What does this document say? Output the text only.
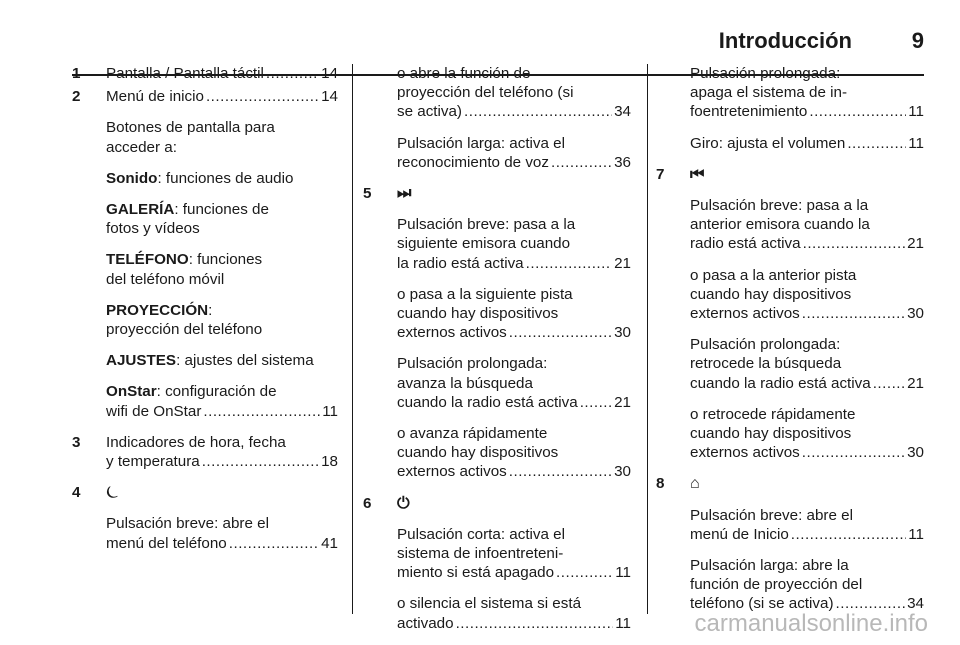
Introducción	9
1 Pantalla / Pantalla táctil .....	14
2 Menú de inicio .....	14
Botones de pantalla para
acceder a:
Sonido: funciones de audio
GALERÍA: funciones de
fotos y vídeos
TELÉFONO: funciones
del teléfono móvil
PROYECCIÓN:
proyección del teléfono
AJUSTES: ajustes del sistema
OnStar: configuración de
wifi de OnStar .....	11
3 Indicadores de hora, fecha
y temperatura .....	18
4 ⏾
Pulsación breve: abre el
menú del teléfono .....	41
o abre la función de
proyección del teléfono (si
se activa) .....	34
Pulsación larga: activa el
reconocimiento de voz .....	36
5 ⏭
Pulsación breve: pasa a la
siguiente emisora cuando
la radio está activa .....	21
o pasa a la siguiente pista
cuando hay dispositivos
externos activos .....	30
Pulsación prolongada:
avanza la búsqueda
cuando la radio está activa ..... 21
o avanza rápidamente
cuando hay dispositivos
externos activos .....	30
6 ⏻
Pulsación corta: activa el
sistema de infoentreteni‐
miento si está apagado .....	11
o silencia el sistema si está
activado .....	11
Pulsación prolongada:
apaga el sistema de in‐
foentretenimiento .....	11
Giro: ajusta el volumen .....	11
7 ⏮
Pulsación breve: pasa a la
anterior emisora cuando la
radio está activa .....	21
o pasa a la anterior pista
cuando hay dispositivos
externos activos .....	30
Pulsación prolongada:
retrocede la búsqueda
cuando la radio está activa ..... 21
o retrocede rápidamente
cuando hay dispositivos
externos activos .....	30
8 ⌂
Pulsación breve: abre el
menú de Inicio .....	11
Pulsación larga: abre la
función de proyección del
teléfono (si se activa) .....	34
carmanualsonline.info
